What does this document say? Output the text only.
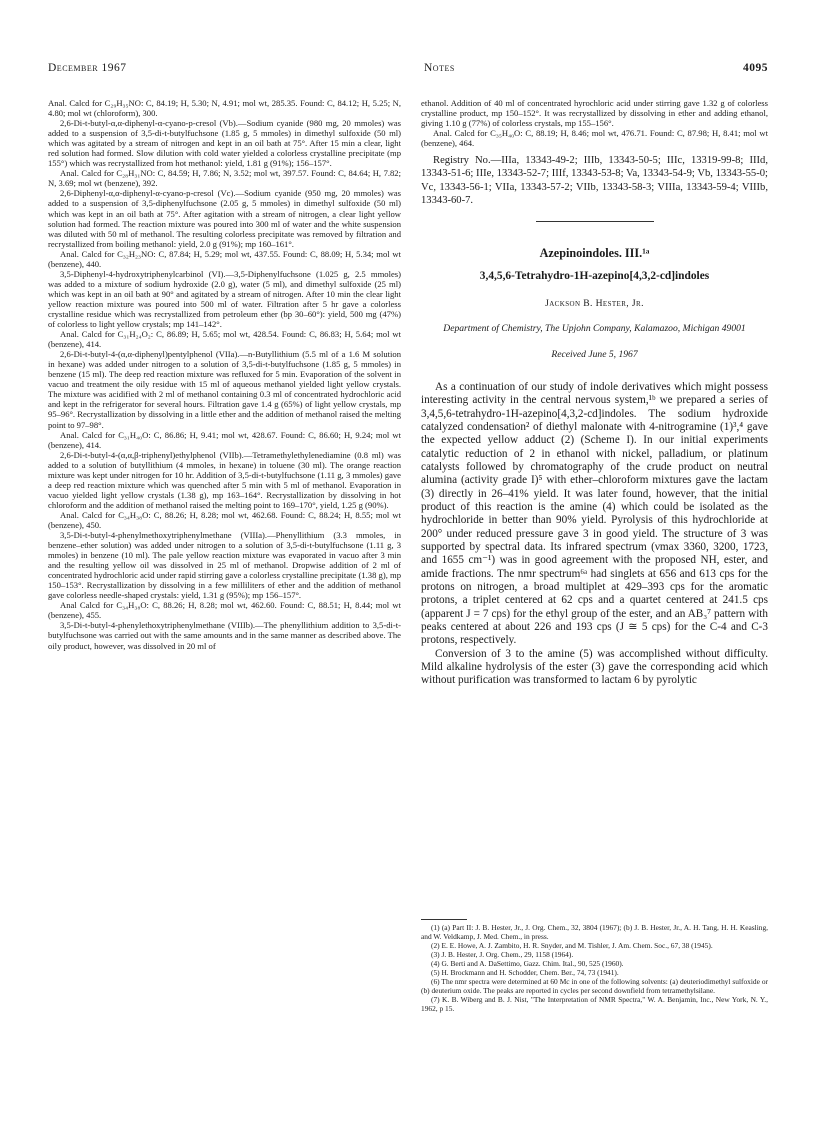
December 1967	Notes	4095

Anal. Calcd for C₂₉H₃₅NO: C, 84.19; H, 5.30; N, 4.91; mol wt, 285.35. Found: C, 84.12; H, 5.25; N, 4.80; mol wt (chloroform), 300.

2,6-Di-t-butyl-α,α-diphenyl-α-cyano-p-cresol (Vb).—Sodium cyanide (980 mg, 20 mmoles) was added to a suspension of 3,5-di-t-butylfuchsone (1.85 g, 5 mmoles) in dimethyl sulfoxide (50 ml) which was agitated by a stream of nitrogen and kept in an oil bath at 75°. After 15 min a clear, light red solution had formed. Slow dilution with cold water yielded a colorless crystalline precipitate (mp 155°) which was recrystallized from hot methanol: yield, 1.81 g (91%); 156–157°.

Anal. Calcd for C₂₈H₃₁NO: C, 84.59; H, 7.86; N, 3.52; mol wt, 397.57. Found: C, 84.64; H, 7.82; N, 3.69; mol wt (benzene), 392.

2,6-Diphenyl-α,α-diphenyl-α-cyano-p-cresol (Vc).—Sodium cyanide (950 mg, 20 mmoles) was added to a suspension of 3,5-diphenylfuchsone (2.05 g, 5 mmoles) in dimethyl sulfoxide (50 ml) which was kept in an oil bath at 75°. After agitation with a stream of nitrogen, a clear light yellow solution had formed. The reaction mixture was poured into 300 ml of water and the white suspension was diluted with 50 ml of methanol. The resulting colorless precipitate was removed by filtration and recrystallized from boiling methanol: yield, 2.0 g (91%); mp 160–161°.

Anal. Calcd for C₃₂H₂₃NO: C, 87.84; H, 5.29; mol wt, 437.55. Found: C, 88.09; H, 5.34; mol wt (benzene), 440.

3,5-Diphenyl-4-hydroxytriphenylcarbinol (VI).—3,5-Diphenylfuchsone (1.025 g, 2.5 mmoles) was added to a mixture of sodium hydroxide (2.0 g), water (5 ml), and dimethyl sulfoxide (25 ml) which was kept in an oil bath at 90° and agitated by a stream of nitrogen. After 10 min the clear light yellow reaction mixture was poured into 500 ml of water. Filtration after 5 hr gave a colorless crystalline residue which was recrystallized from petroleum ether (bp 30–60°): yield, 500 mg (47%) of colorless to light yellow crystals; mp 141–142°.

Anal. Calcd for C₃₁H₂₄O₂: C, 86.89; H, 5.65; mol wt, 428.54. Found: C, 86.83; H, 5.64; mol wt (benzene), 414.

2,6-Di-t-butyl-4-(α,α-diphenyl)pentylphenol (VIIa).—n-Butyllithium (5.5 ml of a 1.6 M solution in hexane) was added under nitrogen to a solution of 3,5-di-t-butylfuchsone (1.85 g, 5 mmoles) in benzene (15 ml). The deep red reaction mixture was refluxed for 5 min. Evaporation of the solvent in vacuo and treatment the oily residue with 15 ml of aqueous methanol yielded light yellow crystals. The mixture was acidified with 2 ml of methanol containing 0.3 ml of concentrated hydrochloric acid and kept in the refrigerator for several hours. Filtration gave 1.4 g (65%) of light yellow crystals, mp 95–96°. Recrystallization by dissolving in a little ether and the addition of methanol raised the melting point to 97–98°.

Anal. Calcd for C₃₁H₄₀O: C, 86.86; H, 9.41; mol wt, 428.67. Found: C, 86.60; H, 9.24; mol wt (benzene), 414.

2,6-Di-t-butyl-4-(α,α,β-triphenyl)ethylphenol (VIIb).—Tetramethylethylenediamine (0.8 ml) was added to a solution of butyllithium (4 mmoles, in hexane) in toluene (30 ml). The orange reaction mixture was kept under nitrogen for 10 hr. Addition of 3,5-di-t-butylfuchsone (1.11 g, 3 mmoles) gave a deep red reaction mixture which was quenched after 5 min with 5 ml of methanol. Evaporation in vacuo yielded light yellow crystals (1.38 g), mp 163–164°. Recrystallization by dissolving in hot chloroform and the addition of methanol raised the melting point to 169–170°, yield, 1.25 g (90%).

Anal. Calcd for C₃₄H₃₈O: C, 88.26; H, 8.28; mol wt, 462.68. Found: C, 88.24; H, 8.55; mol wt (benzene), 450.

3,5-Di-t-butyl-4-phenylmethoxytriphenylmethane (VIIIa).—Phenyllithium (3.3 mmoles, in benzene–ether solution) was added under nitrogen to a solution of 3,5-di-t-butylfuchsone (1.11 g, 3 mmoles) in benzene (10 ml). The pale yellow reaction mixture was evaporated in vacuo after 3 min and the resulting yellow oil was dissolved in 25 ml of methanol. Dropwise addition of 2 ml of concentrated hydrochloric acid under rapid stirring gave a colorless crystalline precipitate (1.38 g), mp 150–153°. Recrystallization by dissolving in a few milliliters of ether and the addition of methanol gave colorless needle-shaped crystals: yield, 1.31 g (95%); mp 156–157°.

Anal Calcd for C₃₄H₃₈O: C, 88.26; H, 8.28; mol wt, 462.60. Found: C, 88.51; H, 8.44; mol wt (benzene), 455.

3,5-Di-t-butyl-4-phenylethoxytriphenylmethane (VIIIb).—The phenyllithium addition to 3,5-di-t-butylfuchsone was carried out with the same amounts and in the same manner as described above. The oily product, however, was dissolved in 20 ml of

ethanol. Addition of 40 ml of concentrated hyrochloric acid under stirring gave 1.32 g of colorless crystalline product, mp 150–152°. It was recrystallized by dissolving in ether and adding ethanol, giving 1.10 g (77%) of colorless crystals, mp 155–156°.

Anal. Calcd for C₃₅H₄₀O: C, 88.19; H, 8.46; mol wt, 476.71. Found: C, 87.98; H, 8.41; mol wt (benzene), 464.

Registry No.—IIIa, 13343-49-2; IIIb, 13343-50-5; IIIc, 13319-99-8; IIId, 13343-51-6; IIIe, 13343-52-7; IIIf, 13343-53-8; Va, 13343-54-9; Vb, 13343-55-0; Vc, 13343-56-1; VIIa, 13343-57-2; VIIb, 13343-58-3; VIIIa, 13343-59-4; VIIIb, 13343-60-7.

Azepinoindoles. III.¹ᵃ
3,4,5,6-Tetrahydro-1H-azepino[4,3,2-cd]indoles
Jackson B. Hester, Jr.
Department of Chemistry, The Upjohn Company, Kalamazoo, Michigan 49001
Received June 5, 1967

As a continuation of our study of indole derivatives which might possess interesting activity in the central nervous system,¹ᵇ we prepared a series of 3,4,5,6-tetrahydro-1H-azepino[4,3,2-cd]indoles. The sodium hydroxide catalyzed condensation² of diethyl malonate with 4-nitrogramine (1)³,⁴ gave the expected yellow adduct (2) (Scheme I). In our initial experiments catalytic reduction of 2 in ethanol with nickel, palladium, or platinum catalysts followed by chromatography of the crude product on neutral alumina (activity grade I)⁵ with ether–chloroform mixtures gave the lactam (3) directly in 26–41% yield. It was later found, however, that the initial product of this reaction is the amine (4) which could be isolated as the hydrochloride in better than 90% yield. Pyrolysis of this hydrochloride at 200° under reduced pressure gave 3 in good yield. The structure of 3 was supported by spectral data. Its infrared spectrum (νmax 3360, 3200, 1723, and 1655 cm⁻¹) was in good agreement with the proposed NH, ester, and amide fractions. The nmr spectrum⁶ᵃ had singlets at 656 and 613 cps for the protons on nitrogen, a broad multiplet at 429–393 cps for the aromatic protons, a triplet centered at 62 cps and a quartet centered at 241.5 cps (apparent J = 7 cps) for the ethyl group of the ester, and an AB₃⁷ pattern with peaks centered at about 226 and 193 cps (J ≅ 5 cps) for the C-4 and C-3 protons, respectively.

Conversion of 3 to the amine (5) was accomplished without difficulty. Mild alkaline hydrolysis of the ester (3) gave the corresponding acid which without purification was transformed to lactam 6 by pyrolytic

(1) (a) Part II: J. B. Hester, Jr., J. Org. Chem., 32, 3804 (1967); (b) J. B. Hester, Jr., A. H. Tang, H. H. Keasling, and W. Veldkamp, J. Med. Chem., in press.

(2) E. E. Howe, A. J. Zambito, H. R. Snyder, and M. Tishler, J. Am. Chem. Soc., 67, 38 (1945).

(3) J. B. Hester, J. Org. Chem., 29, 1158 (1964).

(4) G. Berti and A. DaSettimo, Gazz. Chim. Ital., 90, 525 (1960).

(5) H. Brockmann and H. Schodder, Chem. Ber., 74, 73 (1941).

(6) The nmr spectra were determined at 60 Mc in one of the following solvents: (a) deuteriodimethyl sulfoxide or (b) deuterium oxide. The peaks are reported in cycles per second downfield from tetramethylsilane.

(7) K. B. Wiberg and B. J. Nist, "The Interpretation of NMR Spectra," W. A. Benjamin, Inc., New York, N. Y., 1962, p 15.
